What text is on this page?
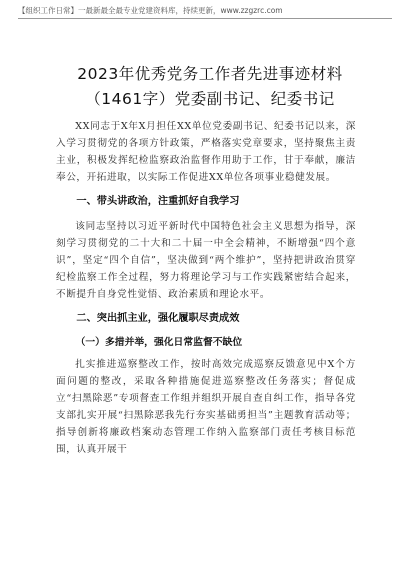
【组织工作日常】一最新最全最专业党建资料库，持续更新，www.zzgzrc.com
2023年优秀党务工作者先进事迹材料
（1461字）党委副书记、纪委书记

XX同志于X年X月担任XX单位党委副书记、纪委书记以来，深入学习贯彻党的各项方针政策，严格落实党章要求，坚持聚焦主责主业，积极发挥纪检监察政治监督作用助于工作，甘于奉献，廉洁奉公，开拓进取，以实际工作促进XX单位各项事业稳健发展。

一、带头讲政治，注重抓好自我学习

该同志坚持以习近平新时代中国特色社会主义思想为指导，深刻学习贯彻党的二十大和二十届一中全会精神，不断增强“四个意识”，坚定“四个自信”，坚决做到“两个维护”，坚持把讲政治贯穿纪检监察工作全过程，努力将理论学习与工作实践紧密结合起来，不断提升自身党性觉悟、政治素质和理论水平。

二、突出抓主业，强化履职尽责成效
（一）多措并举，强化日常监督不缺位

扎实推进巡察整改工作，按时高效完成巡察反馈意见中X个方面问题的整改，采取各种措施促进巡察整改任务落实；督促成立“扫黑除恶”专项督查工作组并组织开展自查自纠工作，指导各党支部扎实开展“扫黑除恶我先行夯实基础勇担当”主题教育活动等；指导创新将廉政档案动态管理工作纳入监察部门责任考核目标范围，认真开展干
